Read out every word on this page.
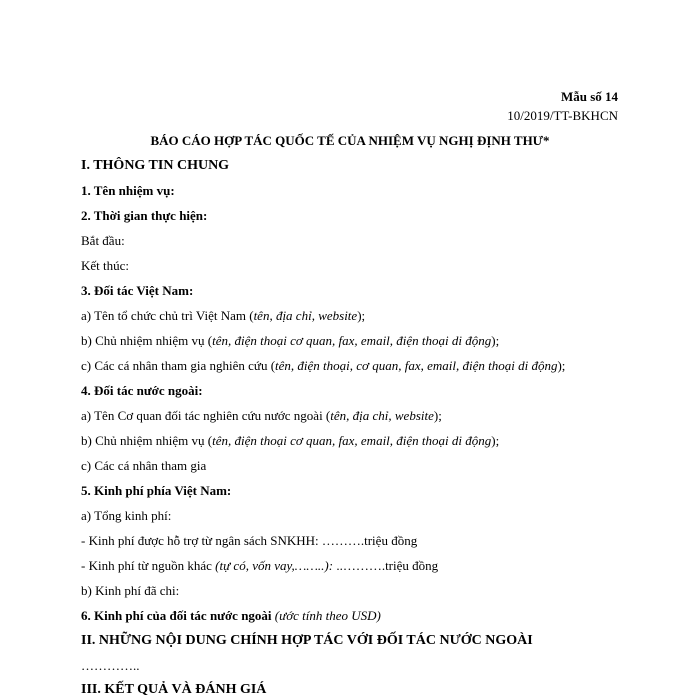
Mẫu số 14
10/2019/TT-BKHCN
BÁO CÁO HỢP TÁC QUỐC TẾ CỦA NHIỆM VỤ NGHỊ ĐỊNH THƯ*
I. THÔNG TIN CHUNG
1. Tên nhiệm vụ:
2. Thời gian thực hiện:
Bắt đầu:
Kết thúc:
3. Đối tác Việt Nam:
a) Tên tổ chức chủ trì Việt Nam (tên, địa chỉ, website);
b) Chủ nhiệm nhiệm vụ (tên, điện thoại cơ quan, fax, email, điện thoại di động);
c) Các cá nhân tham gia nghiên cứu (tên, điện thoại, cơ quan, fax, email, điện thoại di động);
4. Đối tác nước ngoài:
a) Tên Cơ quan đối tác nghiên cứu nước ngoài (tên, địa chỉ, website);
b) Chủ nhiệm nhiệm vụ (tên, điện thoại cơ quan, fax, email, điện thoại di động);
c) Các cá nhân tham gia
5. Kinh phí phía Việt Nam:
a) Tổng kinh phí:
- Kinh phí được hỗ trợ từ ngân sách SNKHH: ……….triệu đồng
- Kinh phí từ nguồn khác (tự có, vốn vay,……..): ..……….triệu đồng
b) Kinh phí đã chi:
6. Kinh phí của đối tác nước ngoài (ước tính theo USD)
II. NHỮNG NỘI DUNG CHÍNH HỢP TÁC VỚI ĐỐI TÁC NƯỚC NGOÀI
…………..
III. KẾT QUẢ VÀ ĐÁNH GIÁ
